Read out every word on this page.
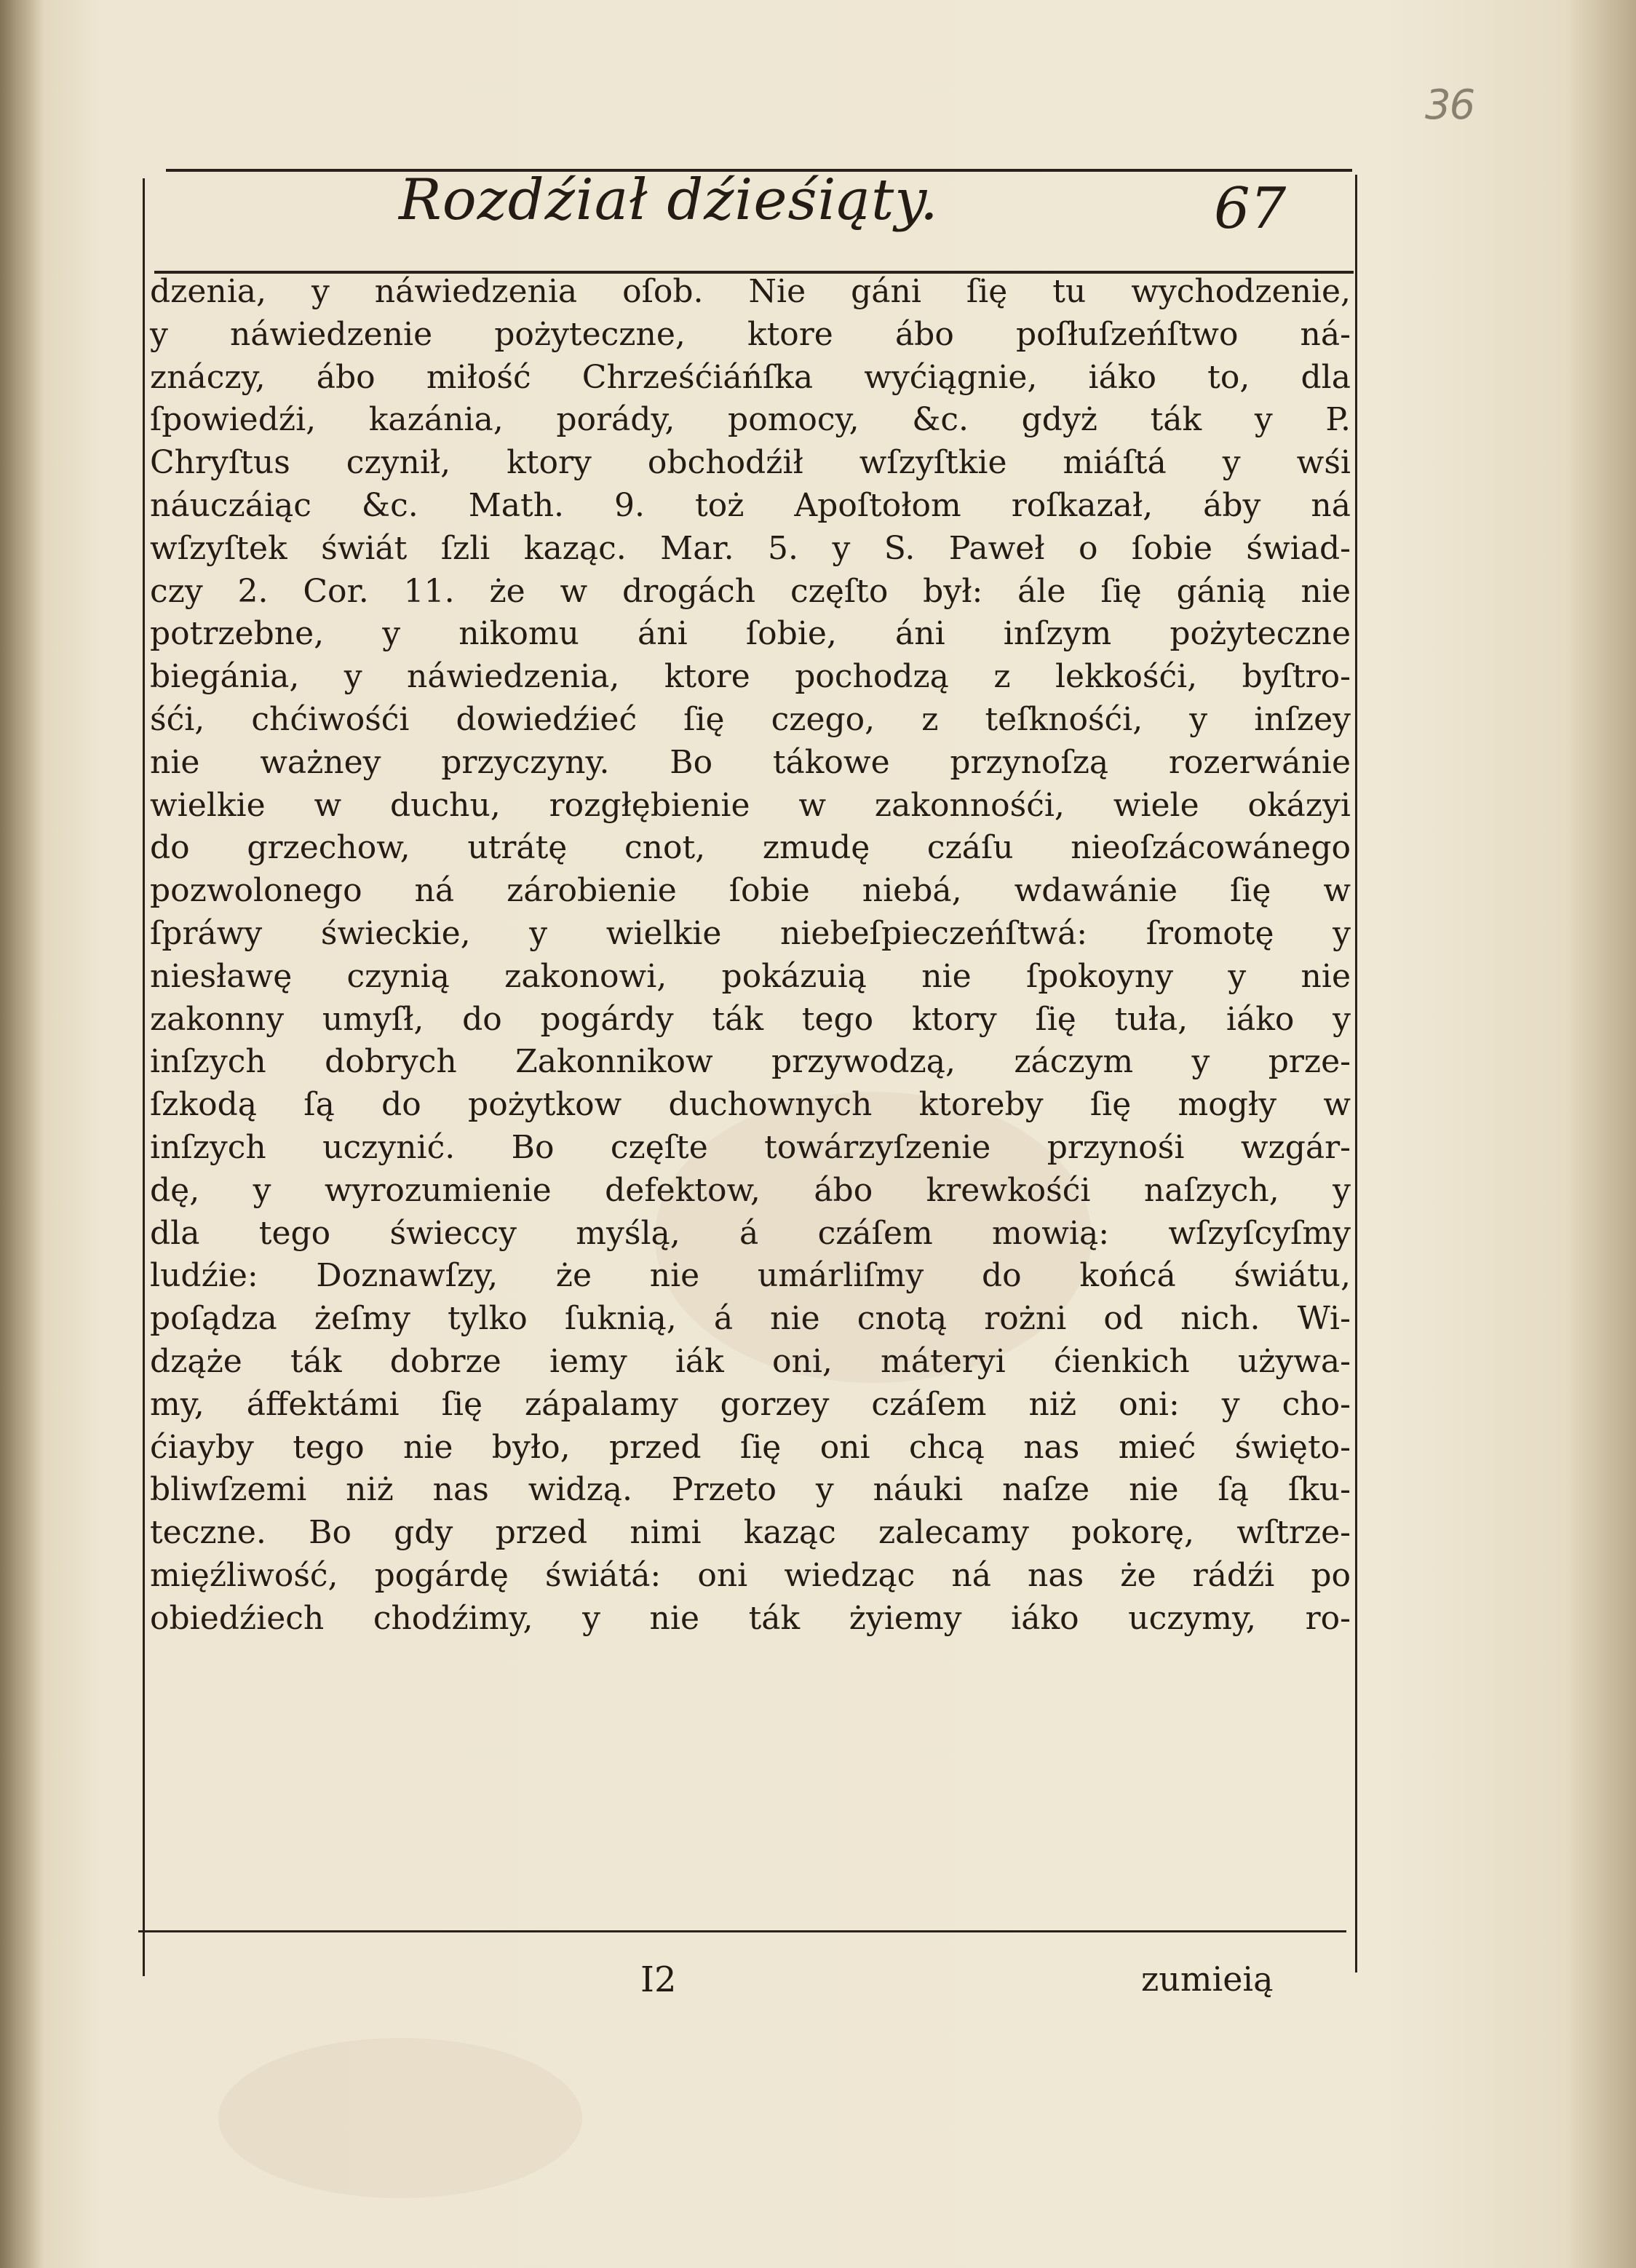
36
Rozdźiał dźieśiąty.	67
dzenia, y náwiedzenia oſob. Nie gáni ſię tu wychodzenie,
y náwiedzenie pożyteczne, ktore ábo poſłuſzeńſtwo ná-
znáczy, ábo miłość Chrześćiáńſka wyćiągnie, iáko to, dla
ſpowiedźi, kazánia, porády, pomocy, &c. gdyż ták y P.
Chryſtus czynił, ktory obchodźił wſzyſtkie miáſtá y wśi
náuczáiąc &c. Math. 9. toż Apoſtołom roſkazał, áby ná
wſzyſtek świát ſzli kaząc. Mar. 5. y S. Paweł o ſobie świad-
czy 2. Cor. 11. że w drogách częſto był: ále ſię gánią nie
potrzebne, y nikomu áni ſobie, áni inſzym pożyteczne
biegánia, y náwiedzenia, ktore pochodzą z lekkośći, byſtro-
śći, chćiwośći dowiedźieć ſię czego, z teſknośći, y inſzey
nie ważney przyczyny. Bo tákowe przynoſzą rozerwánie
wielkie w duchu, rozgłębienie w zakonnośći, wiele okázyi
do grzechow, utrátę cnot, zmudę czáſu nieoſzácowánego
pozwolonego ná zárobienie ſobie niebá, wdawánie ſię w
ſpráwy świeckie, y wielkie niebeſpieczeńſtwá: ſromotę y
niesławę czynią zakonowi, pokázuią nie ſpokoyny y nie
zakonny umyſł, do pogárdy ták tego ktory ſię tuła, iáko y
inſzych dobrych Zakonnikow przywodzą, záczym y prze-
ſzkodą ſą do pożytkow duchownych ktoreby ſię mogły w
inſzych uczynić. Bo częſte towárzyſzenie przynośi wzgár-
dę, y wyrozumienie defektow, ábo krewkośći naſzych, y
dla tego świeccy myślą, á czáſem mowią: wſzyſcyſmy
ludźie: Doznawſzy, że nie umárliſmy do końcá świátu,
poſądza żeſmy tylko ſuknią, á nie cnotą rożni od nich. Wi-
dząże ták dobrze iemy iák oni, máteryi ćienkich używa-
my, áffektámi ſię zápalamy gorzey czáſem niż oni: y cho-
ćiayby tego nie było, przed ſię oni chcą nas mieć święto-
bliwſzemi niż nas widzą. Przeto y náuki naſze nie ſą ſku-
teczne. Bo gdy przed nimi kaząc zalecamy pokorę, wſtrze-
mięźliwość, pogárdę świátá: oni wiedząc ná nas że rádźi po
obiedźiech chodźimy, y nie ták żyiemy iáko uczymy, ro-
I2	zumieią
